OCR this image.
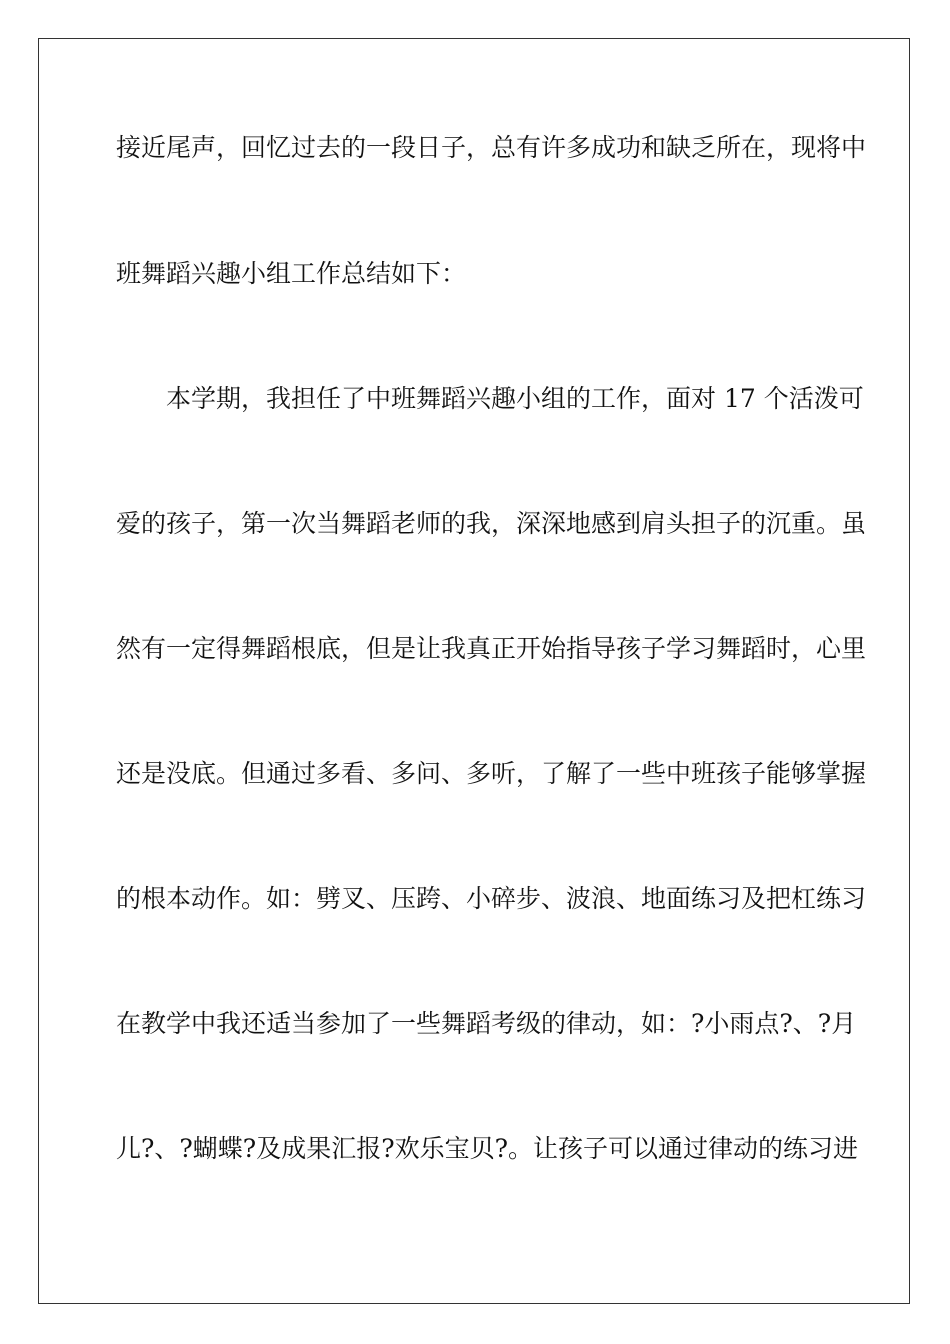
接近尾声，回忆过去的一段日子，总有许多成功和缺乏所在，现将中

班舞蹈兴趣小组工作总结如下：

本学期，我担任了中班舞蹈兴趣小组的工作，面对 17 个活泼可

爱的孩子，第一次当舞蹈老师的我，深深地感到肩头担子的沉重。虽

然有一定得舞蹈根底，但是让我真正开始指导孩子学习舞蹈时，心里

还是没底。但通过多看、多问、多听，了解了一些中班孩子能够掌握

的根本动作。如：劈叉、压跨、小碎步、波浪、地面练习及把杠练习

在教学中我还适当参加了一些舞蹈考级的律动，如：?小雨点?、?月

儿?、?蝴蝶?及成果汇报?欢乐宝贝?。让孩子可以通过律动的练习进
